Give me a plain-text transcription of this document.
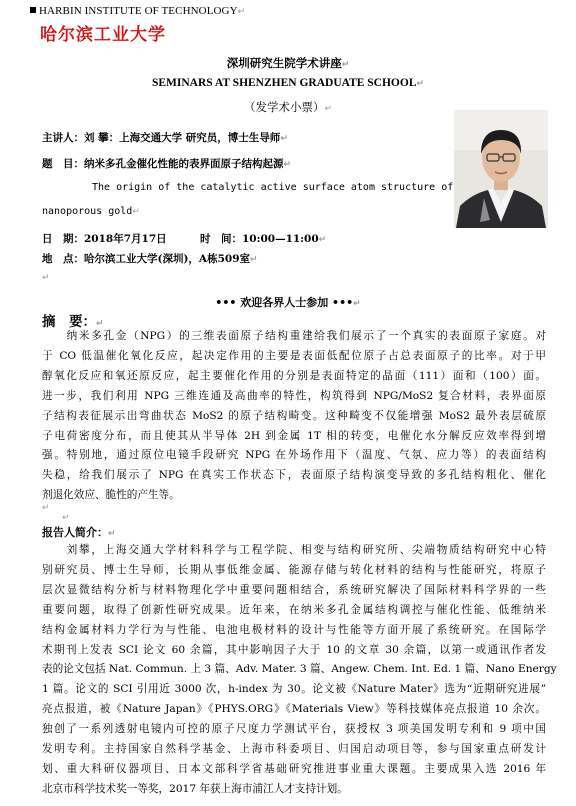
HARBIN INSTITUTE OF TECHNOLOGY↵
哈尔滨工业大学
深圳研究生院学术讲座↵
SEMINARS AT SHENZHEN GRADUATE SCHOOL↵
（发学术小票）↵
主讲人：刘 攀：上海交通大学 研究员，博士生导师↵
题　目：纳米多孔金催化性能的表界面原子结构起源↵
The origin of the catalytic active surface atom structure of
nanoporous gold↵
日　期：2018年7月17日	时　间：10:00—11:00↵
地　点：哈尔滨工业大学(深圳)，A栋509室↵
↵
••• 欢迎各界人士参加 •••↵
摘　要：↵
　　纳米多孔金（NPG）的三维表面原子结构重建给我们展示了一个真实的表面原子家庭。对
于 CO 低温催化氧化反应，起决定作用的主要是表面低配位原子占总表面原子的比率。对于甲
醇氧化反应和氧还原反应，起主要催化作用的分别是表面特定的晶面（111）面和（100）面。
进一步，我们利用 NPG 三维连通及高曲率的特性，构筑得到 NPG/MoS2 复合材料，表界面原
子结构表征展示出弯曲状态 MoS2 的原子结构畸变。这种畸变不仅能增强 MoS2 最外表层硫原
子电荷密度分布，而且使其从半导体 2H 到金属 1T 相的转变，电催化水分解反应效率得到增
强。特别地，通过原位电镜手段研究 NPG 在外场作用下（温度、气氛、应力等）的表面结构
失稳，给我们展示了 NPG 在真实工作状态下，表面原子结构演变导致的多孔结构粗化、催化
剂退化效应、脆性的产生等。
↵
↵
报告人简介：↵
　　刘攀，上海交通大学材料科学与工程学院、相变与结构研究所、尖端物质结构研究中心特
别研究员、博士生导师，长期从事低维金属、能源存储与转化材料的结构与性能研究，将原子
层次显微结构分析与材料物理化学中重要问题相结合，系统研究解决了国际材料科学界的一些
重要问题，取得了创新性研究成果。近年来，在纳米多孔金属结构调控与催化性能、低维纳米
结构金属材料力学行为与性能、电池电极材料的设计与性能等方面开展了系统研究。在国际学
术期刊上发表 SCI 论文 60 余篇，其中影响因子大于 10 的文章 30 余篇，以第一或通讯作者发
表的论文包括 Nat. Commun. 上 3 篇、Adv. Mater. 3 篇、Angew. Chem. Int. Ed. 1 篇、Nano Energy
1 篇。论文的 SCI 引用近 3000 次，h-index 为 30。论文被《Nature Mater》选为“近期研究进展”
亮点报道，被《Nature Japan》《PHYS.ORG》《Materials View》等科技媒体亮点报道 10 余次。
独创了一系列透射电镜内可控的原子尺度力学测试平台，获授权 3 项美国发明专利和 9 项中国
发明专利。主持国家自然科学基金、上海市科委项目、归国启动项目等，参与国家重点研发计
划、重大科研仪器项目、日本文部科学省基础研究推进事业重大课题。主要成果入选 2016 年
北京市科学技术奖一等奖，2017 年获上海市浦江人才支持计划。
